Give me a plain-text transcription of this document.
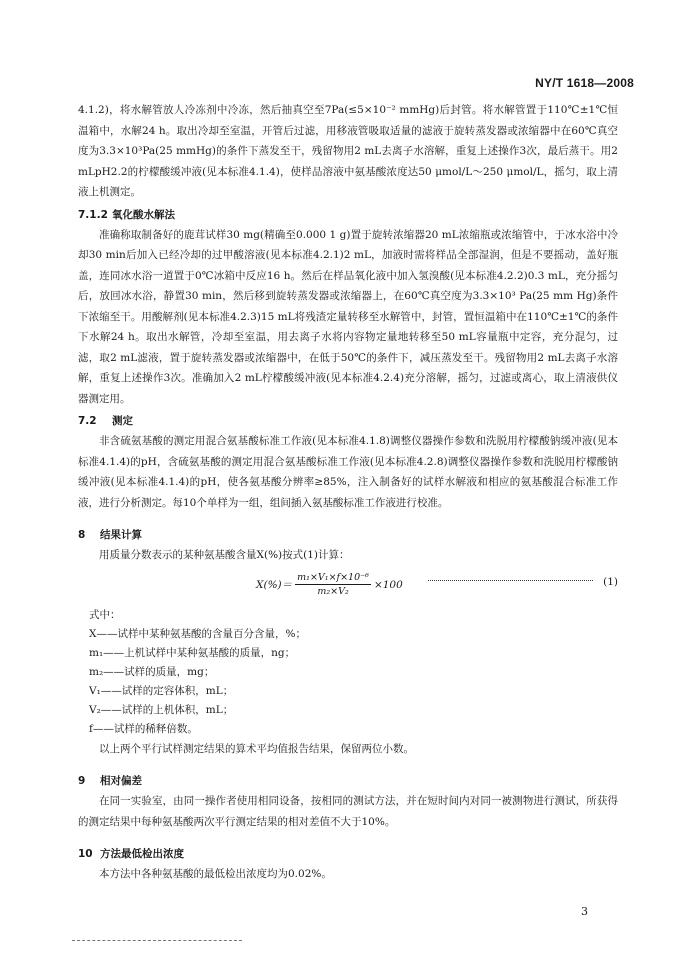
NY/T 1618—2008

4.1.2)，将水解管放人冷冻剂中冷冻，然后抽真空至7Pa(≤5×10⁻² mmHg)后封管。将水解管置于110℃±1℃恒温箱中，水解24 h。取出冷却至室温，开管后过滤，用移液管吸取适量的滤液于旋转蒸发器或浓缩器中在60℃真空度为3.3×10³Pa(25 mmHg)的条件下蒸发至干，残留物用2 mL去离子水溶解，重复上述操作3次，最后蒸干。用2 mLpH2.2的柠檬酸缓冲液(见本标准4.1.4)，使样品溶液中氨基酸浓度达50 μmol/L～250 μmol/L，摇匀，取上清液上机测定。

7.1.2 氧化酸水解法

准确称取制备好的鹿茸试样30 mg(精确至0.000 1 g)置于旋转浓缩器20 mL浓缩瓶或浓缩管中，于冰水浴中冷却30 min后加入已经冷却的过甲酸溶液(见本标准4.2.1)2 mL，加液时需将样品全部湿润，但是不要摇动，盖好瓶盖，连同冰水浴一道置于0℃冰箱中反应16 h。然后在样品氧化液中加入氢溴酸(见本标准4.2.2)0.3 mL，充分摇匀后，放回冰水浴，静置30 min，然后移到旋转蒸发器或浓缩器上，在60℃真空度为3.3×10³ Pa(25 mm Hg)条件下浓缩至干。用酸解剂(见本标准4.2.3)15 mL将残渣定量转移至水解管中，封管，置恒温箱中在110℃±1℃的条件下水解24 h。取出水解管，冷却至室温，用去离子水将内容物定量地转移至50 mL容量瓶中定容，充分混匀，过滤，取2 mL滤液，置于旋转蒸发器或浓缩器中，在低于50℃的条件下，减压蒸发至干。残留物用2 mL去离子水溶解，重复上述操作3次。准确加入2 mL柠檬酸缓冲液(见本标准4.2.4)充分溶解，摇匀，过滤或离心，取上清液供仪器测定用。

7.2 测定

非含硫氨基酸的测定用混合氨基酸标准工作液(见本标准4.1.8)调整仪器操作参数和洗脱用柠檬酸钠缓冲液(见本标准4.1.4)的pH，含硫氨基酸的测定用混合氨基酸标准工作液(见本标准4.2.8)调整仪器操作参数和洗脱用柠檬酸钠缓冲液(见本标准4.1.4)的pH，使各氨基酸分辨率≥85%，注入制备好的试样水解液和相应的氨基酸混合标准工作液，进行分析测定。每10个单样为一组，组间插入氨基酸标准工作液进行校准。

8 结果计算

用质量分数表示的某种氨基酸含量X(%)按式(1)计算：

$X(\%)= \frac{\text{m₁×V₁×f×10⁻⁶}}{\text{m₂×V₂}} \times 100$	(1)

式中：

X——试样中某种氨基酸的含量百分含量，%；

m₁——上机试样中某种氨基酸的质量，ng；

m₂——试样的质量，mg；

V₁——试样的定容体积，mL；

V₂——试样的上机体积，mL；

f——试样的稀释倍数。

以上两个平行试样测定结果的算术平均值报告结果，保留两位小数。

9 相对偏差

在同一实验室，由同一操作者使用相同设备，按相同的测试方法，并在短时间内对同一被测物进行测试，所获得的测定结果中每种氨基酸两次平行测定结果的相对差值不大于10%。

10 方法最低检出浓度

本方法中各种氨基酸的最低检出浓度均为0.02%。

3
